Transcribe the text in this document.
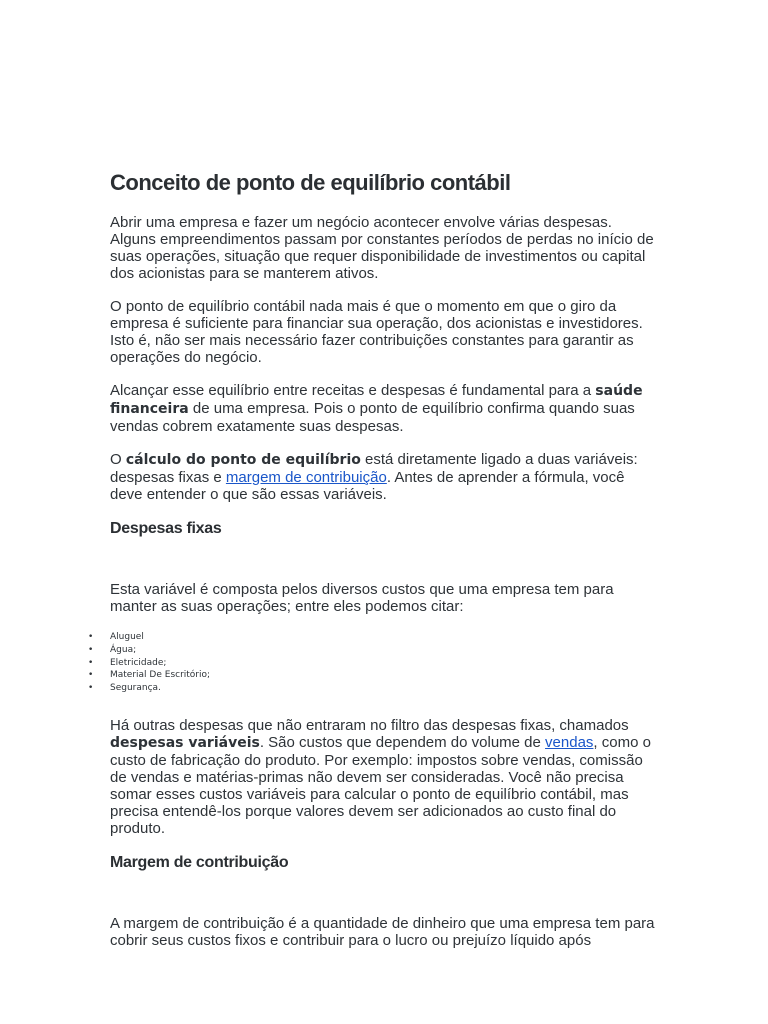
Conceito de ponto de equilíbrio contábil

Abrir uma empresa e fazer um negócio acontecer envolve várias despesas. Alguns empreendimentos passam por constantes períodos de perdas no início de suas operações, situação que requer disponibilidade de investimentos ou capital dos acionistas para se manterem ativos.

O ponto de equilíbrio contábil nada mais é que o momento em que o giro da empresa é suficiente para financiar sua operação, dos acionistas e investidores. Isto é, não ser mais necessário fazer contribuições constantes para garantir as operações do negócio.

Alcançar esse equilíbrio entre receitas e despesas é fundamental para a saúde financeira de uma empresa. Pois o ponto de equilíbrio confirma quando suas vendas cobrem exatamente suas despesas.

O cálculo do ponto de equilíbrio está diretamente ligado a duas variáveis: despesas fixas e margem de contribuição. Antes de aprender a fórmula, você deve entender o que são essas variáveis.

Despesas fixas

Esta variável é composta pelos diversos custos que uma empresa tem para manter as suas operações; entre eles podemos citar:

• Aluguel
• Água;
• Eletricidade;
• Material De Escritório;
• Segurança.

Há outras despesas que não entraram no filtro das despesas fixas, chamados despesas variáveis. São custos que dependem do volume de vendas, como o custo de fabricação do produto. Por exemplo: impostos sobre vendas, comissão de vendas e matérias-primas não devem ser consideradas. Você não precisa somar esses custos variáveis para calcular o ponto de equilíbrio contábil, mas precisa entendê-los porque valores devem ser adicionados ao custo final do produto.

Margem de contribuição

A margem de contribuição é a quantidade de dinheiro que uma empresa tem para cobrir seus custos fixos e contribuir para o lucro ou prejuízo líquido após
